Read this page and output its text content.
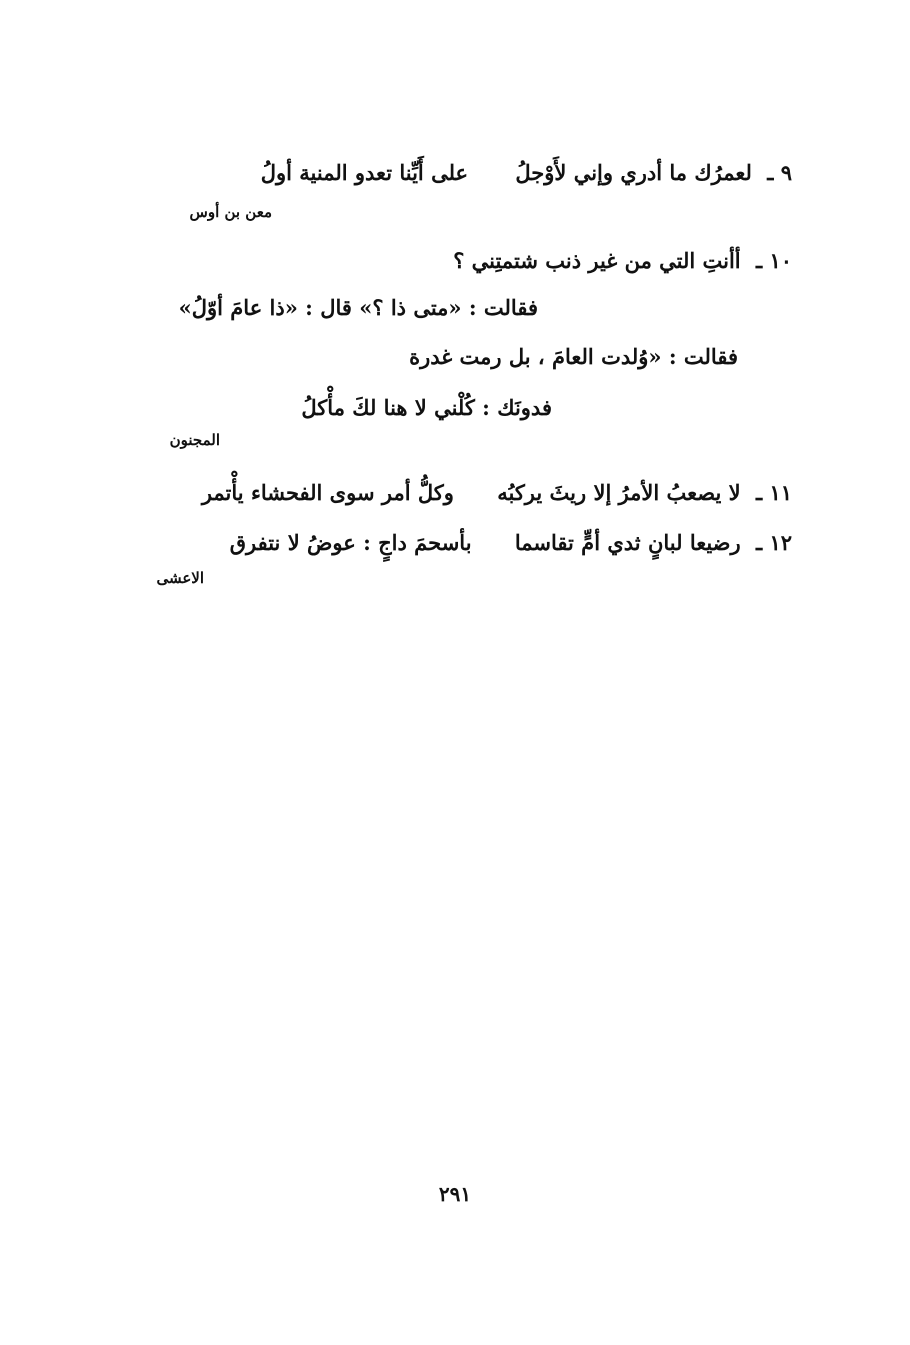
٩ ـ لعمرُك ما أدري وإني لأَوْجلُ على أَيِّنا تعدو المنية أولُ
معن بن أوس
١٠ ـ أأنتِ التي من غير ذنب شتمتِني ؟
فقالت : «متى ذا ؟» قال : «ذا عامَ أوّلُ»
فقالت : «وُلدت العامَ ، بل رمت غدرة
فدونَك : كُلْني لا هنا لكَ مأْكلُ
المجنون
١١ ـ لا يصعبُ الأمرُ إلا ريثَ يركبُه وكلُّ أمر سوى الفحشاء يأْتمر
١٢ ـ رضيعا لبانٍ ثدي أمٍّ تقاسما بأسحمَ داجٍ : عوضُ لا نتفرق
الاعشى
٢٩١
